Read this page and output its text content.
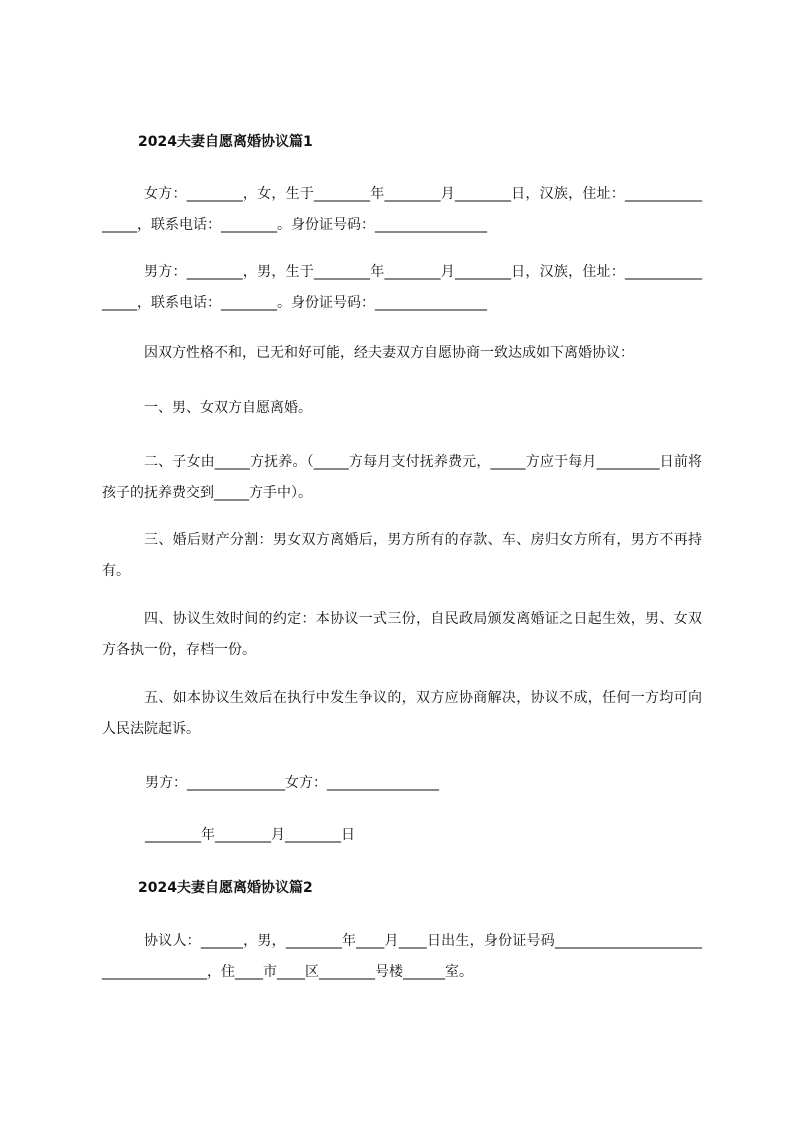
2024夫妻自愿离婚协议篇1

女方：________，女，生于________年________月________日，汉族，住址：________________，联系电话：________。身份证号码：________________

男方：________，男，生于________年________月________日，汉族，住址：________________，联系电话：________。身份证号码：________________

因双方性格不和，已无和好可能，经夫妻双方自愿协商一致达成如下离婚协议：

一、男、女双方自愿离婚。

二、子女由_____方抚养。（_____方每月支付抚养费元，_____方应于每月_________日前将孩子的抚养费交到_____方手中）。

三、婚后财产分割：男女双方离婚后，男方所有的存款、车、房归女方所有，男方不再持有。

四、协议生效时间的约定：本协议一式三份，自民政局颁发离婚证之日起生效，男、女双方各执一份，存档一份。

五、如本协议生效后在执行中发生争议的，双方应协商解决，协议不成，任何一方均可向人民法院起诉。

男方：______________女方：________________
________年________月________日
2024夫妻自愿离婚协议篇2

协议人：______，男，________年____月____日出生，身份证号码____________________________________，住____市____区________号楼______室。
